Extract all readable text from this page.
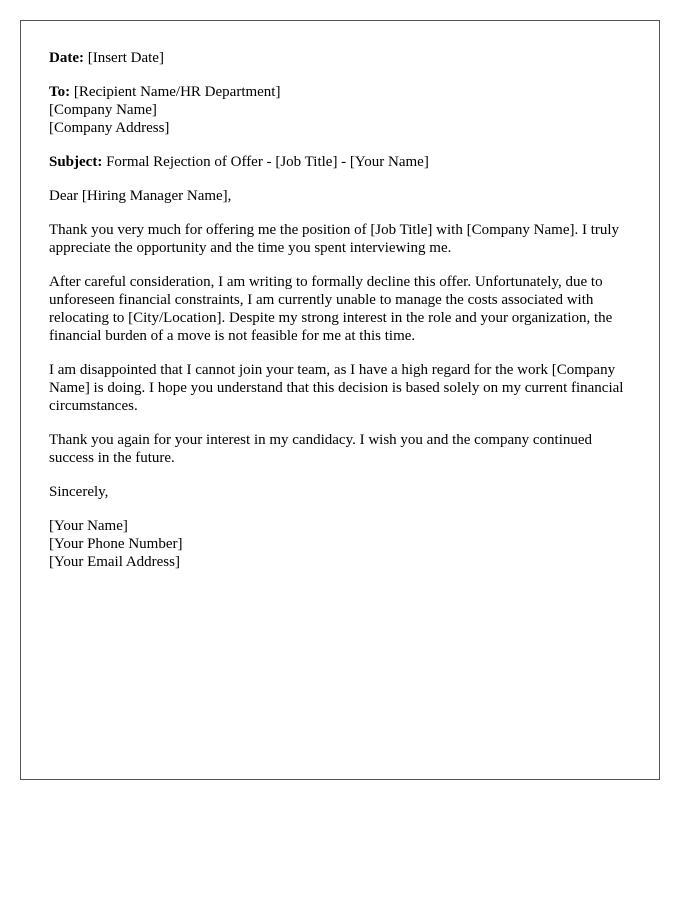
Date: [Insert Date]
To: [Recipient Name/HR Department]
[Company Name]
[Company Address]
Subject: Formal Rejection of Offer - [Job Title] - [Your Name]
Dear [Hiring Manager Name],
Thank you very much for offering me the position of [Job Title] with [Company Name]. I truly appreciate the opportunity and the time you spent interviewing me.
After careful consideration, I am writing to formally decline this offer. Unfortunately, due to unforeseen financial constraints, I am currently unable to manage the costs associated with relocating to [City/Location]. Despite my strong interest in the role and your organization, the financial burden of a move is not feasible for me at this time.
I am disappointed that I cannot join your team, as I have a high regard for the work [Company Name] is doing. I hope you understand that this decision is based solely on my current financial circumstances.
Thank you again for your interest in my candidacy. I wish you and the company continued success in the future.
Sincerely,
[Your Name]
[Your Phone Number]
[Your Email Address]
